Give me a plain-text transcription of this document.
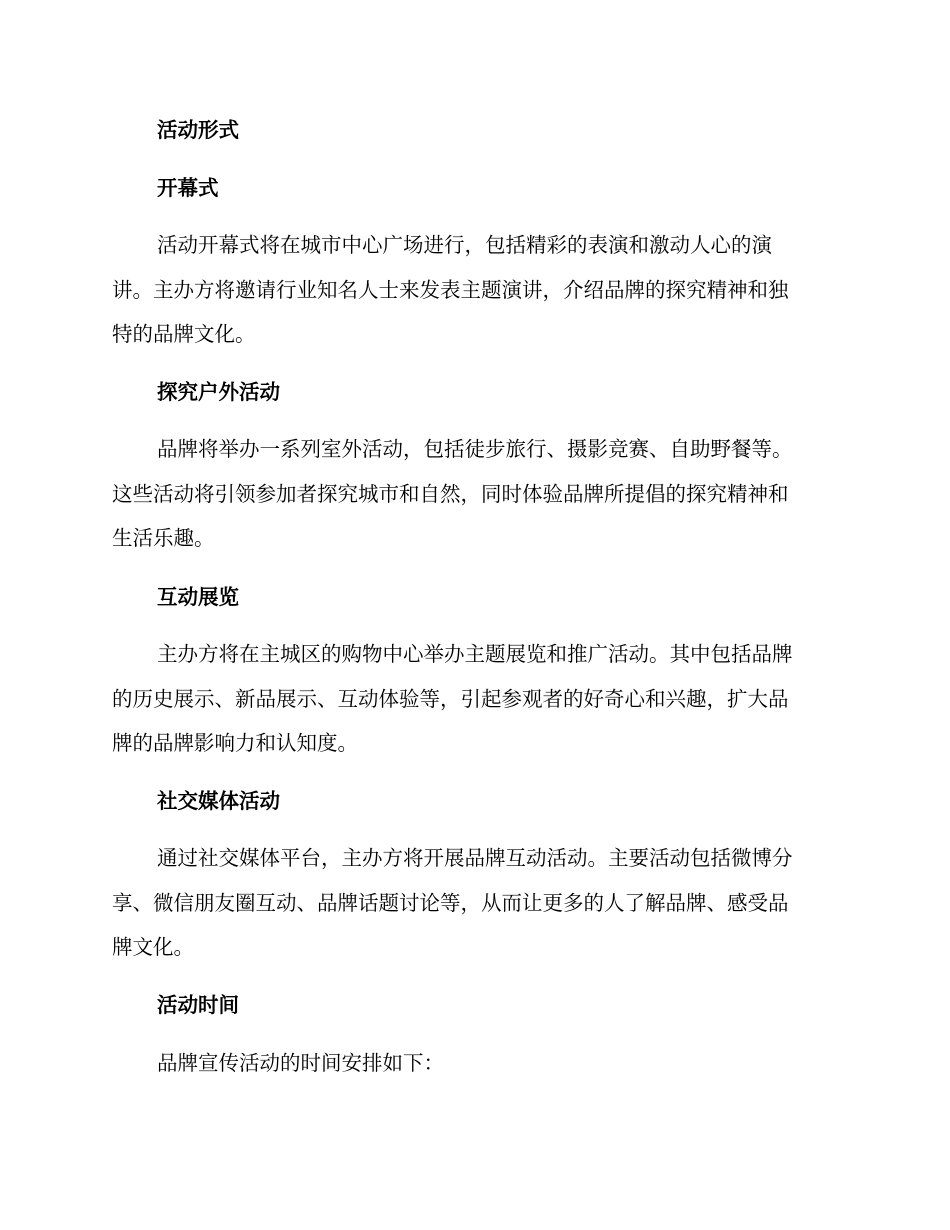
活动形式
开幕式
活动开幕式将在城市中心广场进行，包括精彩的表演和激动人心的演
讲。主办方将邀请行业知名人士来发表主题演讲，介绍品牌的探究精神和独
特的品牌文化。
探究户外活动
品牌将举办一系列室外活动，包括徒步旅行、摄影竞赛、自助野餐等。
这些活动将引领参加者探究城市和自然，同时体验品牌所提倡的探究精神和
生活乐趣。
互动展览
主办方将在主城区的购物中心举办主题展览和推广活动。其中包括品牌
的历史展示、新品展示、互动体验等，引起参观者的好奇心和兴趣，扩大品
牌的品牌影响力和认知度。
社交媒体活动
通过社交媒体平台，主办方将开展品牌互动活动。主要活动包括微博分
享、微信朋友圈互动、品牌话题讨论等，从而让更多的人了解品牌、感受品
牌文化。
活动时间
品牌宣传活动的时间安排如下：
